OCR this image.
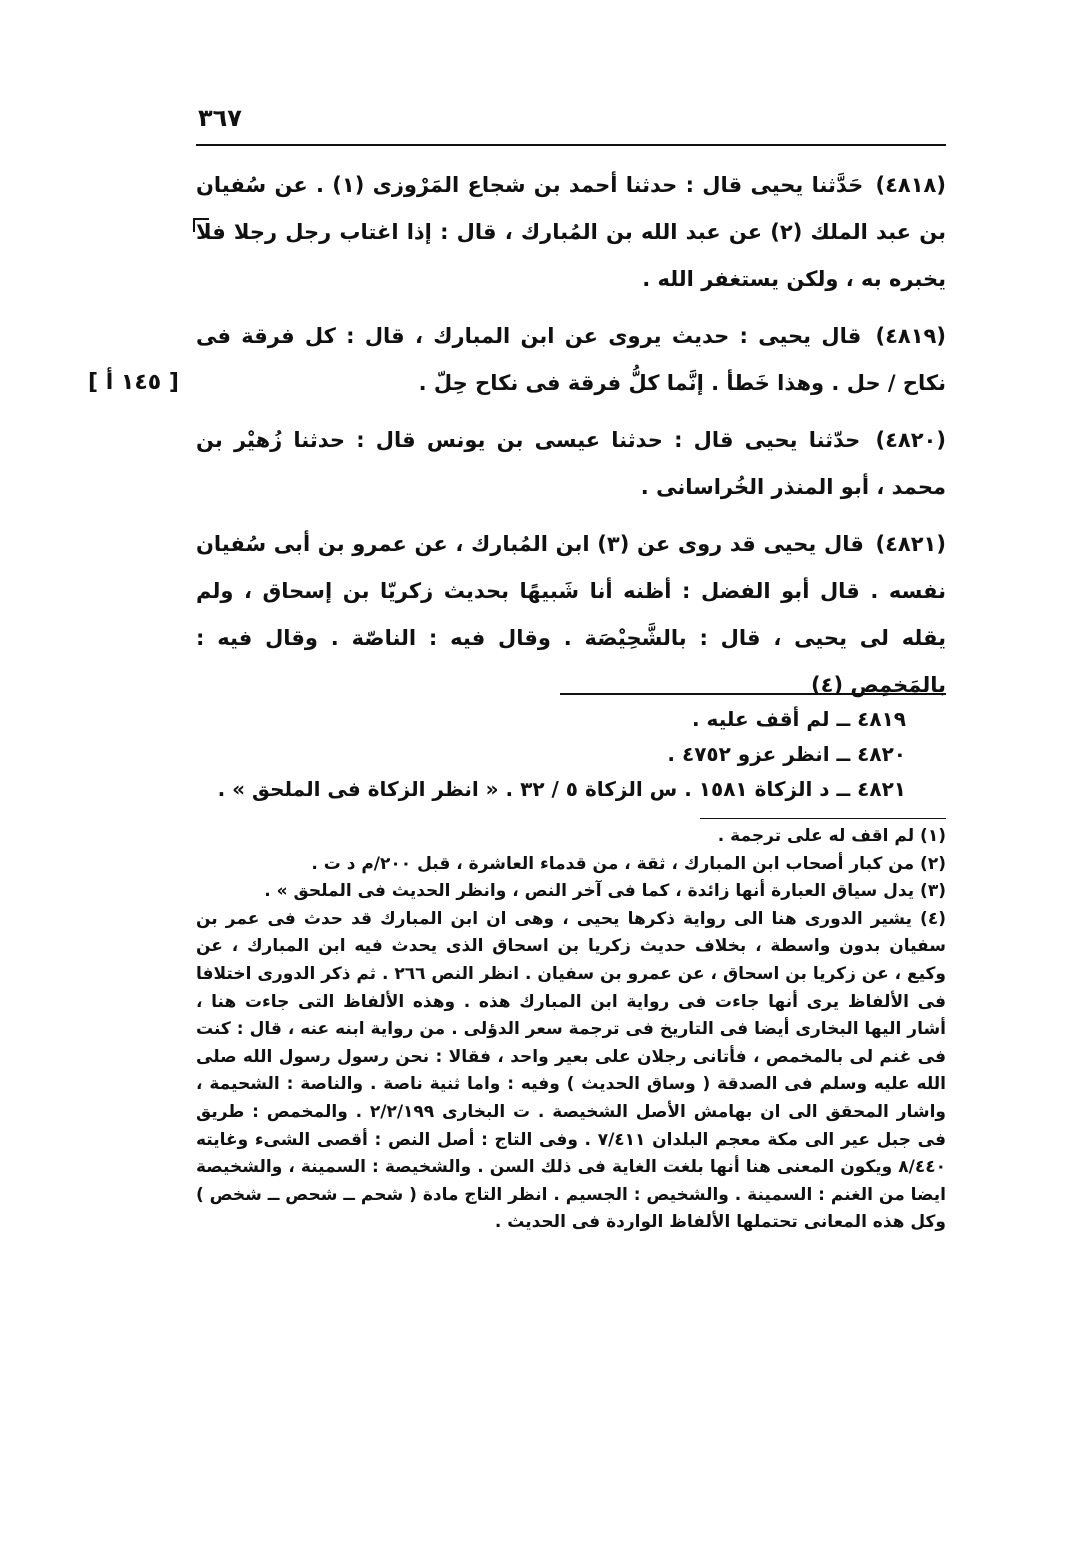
٣٦٧
[ ١٤٥ أ ]

(٤٨١٨) حَدَّثنا يحيى قال : حدثنا أحمد بن شجاع المَرْوزى (١) . عن سُفيان بن عبد الملك (٢) عن عبد الله بن المُبارك ، قال : إذا اغتاب رجل رجلا فلا يخبره به ، ولكن يستغفر الله .

(٤٨١٩) قال يحيى : حديث يروى عن ابن المبارك ، قال : كل فرقة فى نكاح / حل . وهذا خَطأ . إنَّما كلُّ فرقة فى نكاح حِلّ .

(٤٨٢٠) حدّثنا يحيى قال : حدثنا عيسى بن يونس قال : حدثنا زُهيْر بن محمد ، أبو المنذر الخُراسانى .

(٤٨٢١) قال يحيى قد روى عن (٣) ابن المُبارك ، عن عمرو بن أبى سُفيان نفسه . قال أبو الفضل : أظنه أنا شَبيهًا بحديث زكريّا بن إسحاق ، ولم يقله لى يحيى ، قال : بالشَّحِيْصَة . وقال فيه : الناصّة . وقال فيه : بالمَخمِص (٤)

٤٨١٩ ــ لم أقف عليه .
٤٨٢٠ ــ انظر عزو ٤٧٥٢ .
٤٨٢١ ــ د الزكاة ١٥٨١ . س الزكاة ٥ / ٣٢ . « انظر الزكاة فى الملحق » .

(١) لم اقف له على ترجمة .

(٢) من كبار أصحاب ابن المبارك ، ثقة ، من قدماء العاشرة ، قبل ٢٠٠/م د ت .

(٣) يدل سياق العبارة أنها زائدة ، كما فى آخر النص ، وانظر الحديث فى الملحق » .

(٤) يشير الدورى هنا الى رواية ذكرها يحيى ، وهى ان ابن المبارك قد حدث فى عمر بن سفيان بدون واسطة ، بخلاف حديث زكريا بن اسحاق الذى يحدث فيه ابن المبارك ، عن وكيع ، عن زكريا بن اسحاق ، عن عمرو بن سفيان . انظر النص ٢٦٦ . ثم ذكر الدورى اختلافا فى الألفاظ يرى أنها جاءت فى رواية ابن المبارك هذه . وهذه الألفاظ التى جاءت هنا ، أشار اليها البخارى أيضا فى التاريخ فى ترجمة سعر الدؤلى . من رواية ابنه عنه ، قال : كنت فى غنم لى بالمخمص ، فأتانى رجلان على بعير واحد ، فقالا : نحن رسول رسول الله صلى الله عليه وسلم فى الصدقة ( وساق الحديث ) وفيه : واما ثنية ناصة . والناصة : الشحيمة ، واشار المحقق الى ان بهامش الأصل الشخيصة . ت البخارى ٢/٢/١٩٩ . والمخمص : طريق فى جبل عير الى مكة معجم البلدان ٧/٤١١ . وفى التاج : أصل النص : أقصى الشىء وغايته ٨/٤٤٠ ويكون المعنى هنا أنها بلغت الغاية فى ذلك السن . والشخيصة : السمينة ، والشخيصة ايضا من الغنم : السمينة . والشخيص : الجسيم . انظر التاج مادة ( شحم ــ شحص ــ شخص ) وكل هذه المعانى تحتملها الألفاظ الواردة فى الحديث .
